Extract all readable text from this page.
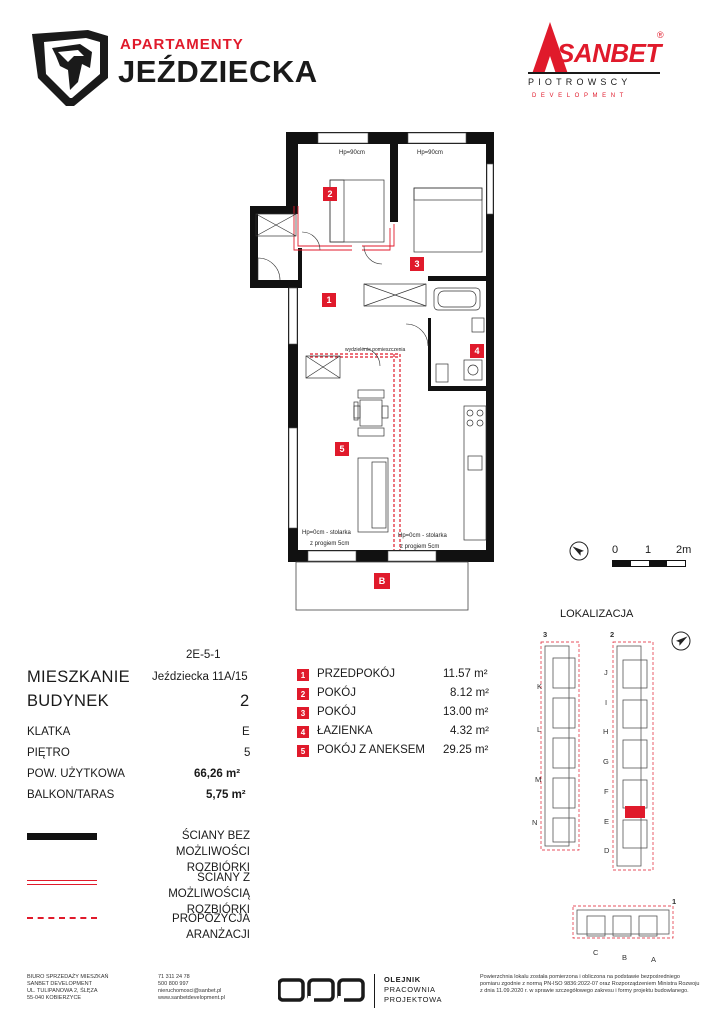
APARTAMENTY
JEŹDZIECKA
SANBET
®
PIOTROWSCY
DEVELOPMENT
Hp=90cm	Hp=90cm
wydzielenie pomieszczenia
Hp=0cm - stolarka
z progiem 5cm
Hp=0cm - stolarka
z progiem 5cm
1
2
3
4
5
B
0 1 2m
2E-5-1
MIESZKANIE Jeździecka 11A/15
BUDYNEK	2
KLATKA	E
PIĘTRO	5
POW. UŻYTKOWA	66,26 m²
BALKON/TARAS	5,75 m²
1	PRZEDPOKÓJ	11.57 m²
2	POKÓJ	8.12 m²
3	POKÓJ	13.00 m²
4	ŁAZIENKA	4.32 m²
5	POKÓJ Z ANEKSEM 29.25 m²
ŚCIANY BEZ
MOŻLIWOŚCI ROZBIÓRKI
ŚCIANY Z
MOŻLIWOŚCIĄ ROZBIÓRKI
PROPOZYCJA ARANŻACJI
LOKALIZACJA
3	2
K
L
M
N
J
I
H
G
F
E
D
1
C
B	A
BIURO SPRZEDAŻY MIESZKAŃ
SANBET DEVELOPMENT
UL. TULIPANOWA 2, ŚLĘZA
55-040 KOBIERZYCE
71 311 24 78
500 800 997
nieruchomosci@sanbet.pl
www.sanbetdevelopment.pl
OLEJNIK
PRACOWNIA
PROJEKTOWA
Powierzchnia lokalu została pomierzona i obliczona na podstawie bezpośredniego
pomiaru zgodnie z normą PN-ISO 9836:2022-07 oraz Rozporządzeniem Ministra Rozwoju
z dnia 11.09.2020 r. w sprawie szczegółowego zakresu i formy projektu budowlanego.
